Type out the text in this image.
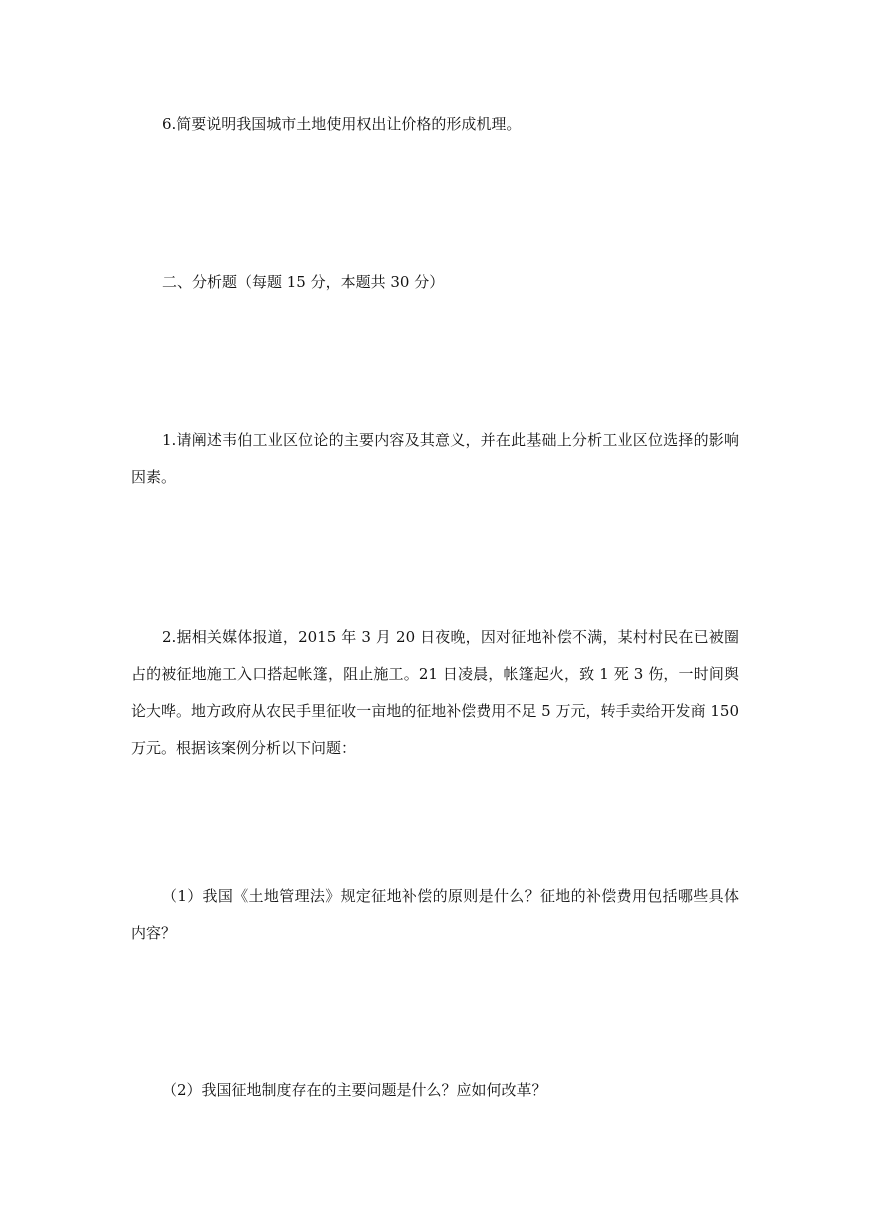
6.简要说明我国城市土地使用权出让价格的形成机理。
二、分析题（每题 15 分，本题共 30 分）
1.请阐述韦伯工业区位论的主要内容及其意义，并在此基础上分析工业区位选择的影响因素。
2.据相关媒体报道，2015 年 3 月 20 日夜晚，因对征地补偿不满，某村村民在已被圈占的被征地施工入口搭起帐篷，阻止施工。21 日凌晨，帐篷起火，致 1 死 3 伤，一时间舆论大哗。地方政府从农民手里征收一亩地的征地补偿费用不足 5 万元，转手卖给开发商 150 万元。根据该案例分析以下问题：
（1）我国《土地管理法》规定征地补偿的原则是什么？征地的补偿费用包括哪些具体内容？
（2）我国征地制度存在的主要问题是什么？应如何改革？
